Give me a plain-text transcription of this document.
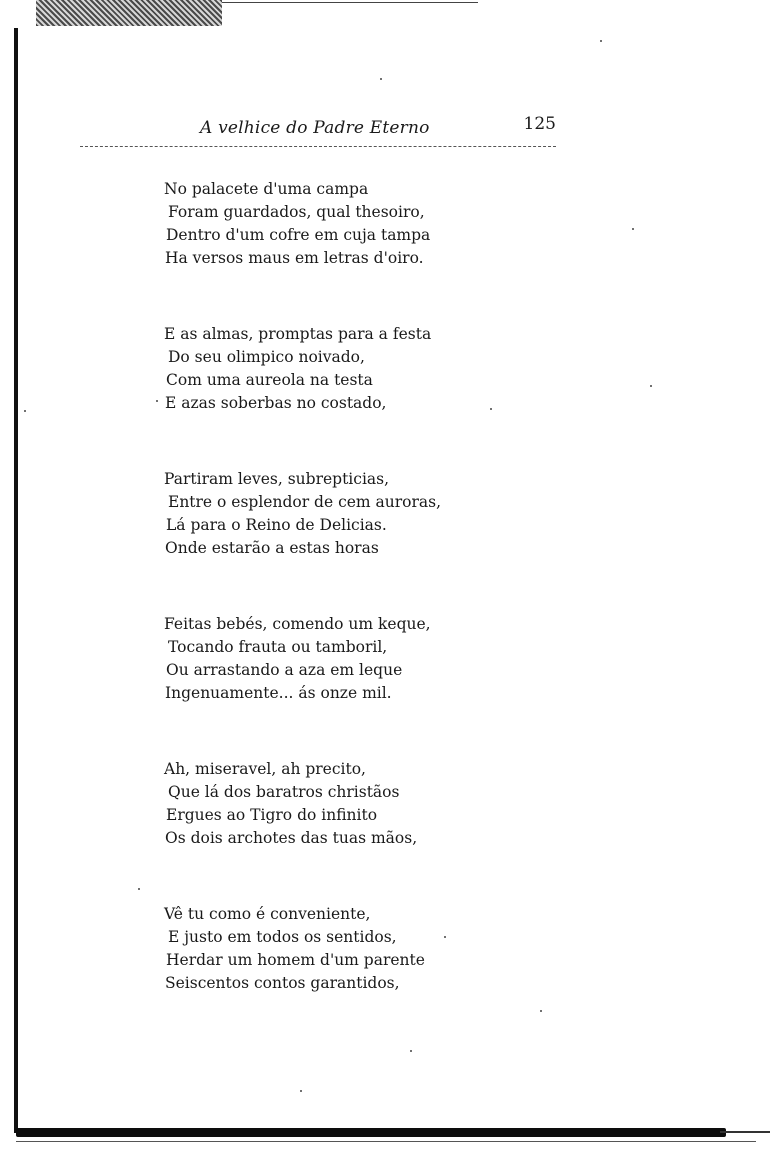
A velhice do Padre Eterno	125
No palacete d'uma campa
Foram guardados, qual thesoiro,
Dentro d'um cofre em cuja tampa
Ha versos maus em letras d'oiro.
E as almas, promptas para a festa
Do seu olimpico noivado,
Com uma aureola na testa
E azas soberbas no costado,
Partiram leves, subrepticias,
Entre o esplendor de cem auroras,
Lá para o Reino de Delicias.
Onde estarão a estas horas
Feitas bebés, comendo um keque,
Tocando frauta ou tamboril,
Ou arrastando a aza em leque
Ingenuamente... ás onze mil.
Ah, miseravel, ah precito,
Que lá dos baratros christãos
Ergues ao Tigro do infinito
Os dois archotes das tuas mãos,
Vê tu como é conveniente,
E justo em todos os sentidos,
Herdar um homem d'um parente
Seiscentos contos garantidos,
